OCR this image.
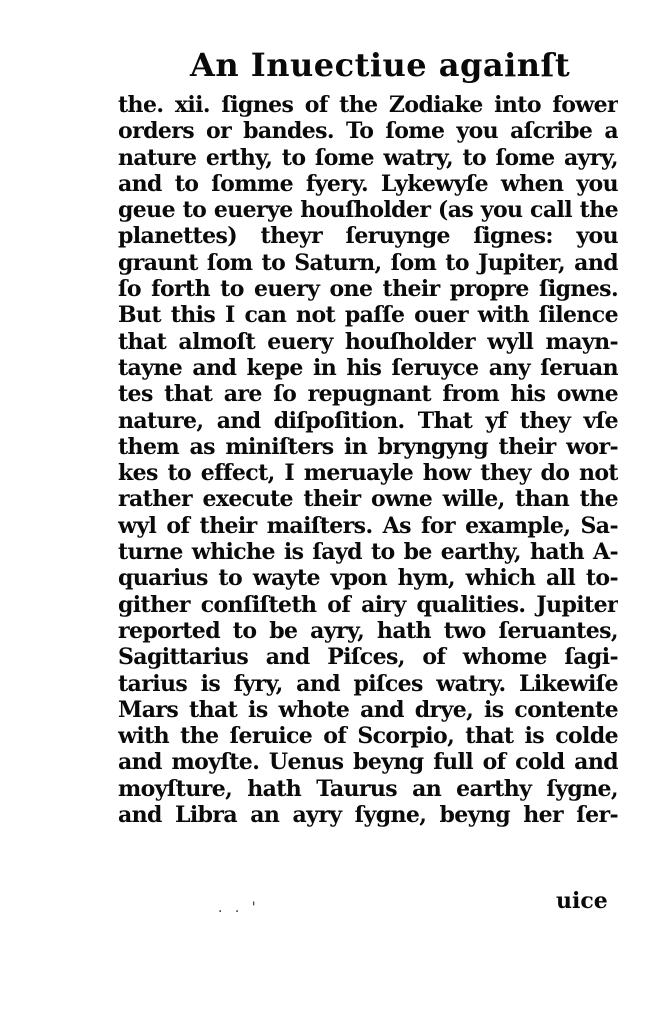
An Inuectiue againſt
the. xii. ſignes of the Zodiake into fower
orders or bandes. To ſome you aſcribe a
nature erthy, to ſome watry, to ſome ayry,
and to ſomme fyery. Lykewyſe when you
geue to euerye houſholder (as you call the
planettes) theyr ſeruynge ſignes: you
graunt ſom to Saturn, ſom to Jupiter, and
ſo forth to euery one their propre ſignes.
But this I can not paſſe ouer with ſilence
that almoſt euery houſholder wyll mayn-
tayne and kepe in his ſeruyce any ſeruan
tes that are ſo repugnant from his owne
nature, and diſpoſition. That yf they vſe
them as miniſters in bryngyng their wor-
kes to effect, I meruayle how they do not
rather execute their owne wille, than the
wyl of their maiſters. As for example, Sa-
turne whiche is ſayd to be earthy, hath A-
quarius to wayte vpon hym, which all to-
gither conſiſteth of airy qualities. Jupiter
reported to be ayry, hath two ſeruantes,
Sagittarius and Piſces, of whome ſagi-
tarius is fyry, and piſces watry. Likewiſe
Mars that is whote and drye, is contente
with the ſeruice of Scorpio, that is colde
and moyſte. Uenus beyng full of cold and
moyſture, hath Taurus an earthy ſygne,
and Libra an ayry ſygne, beyng her ſer-
. . '	uice
